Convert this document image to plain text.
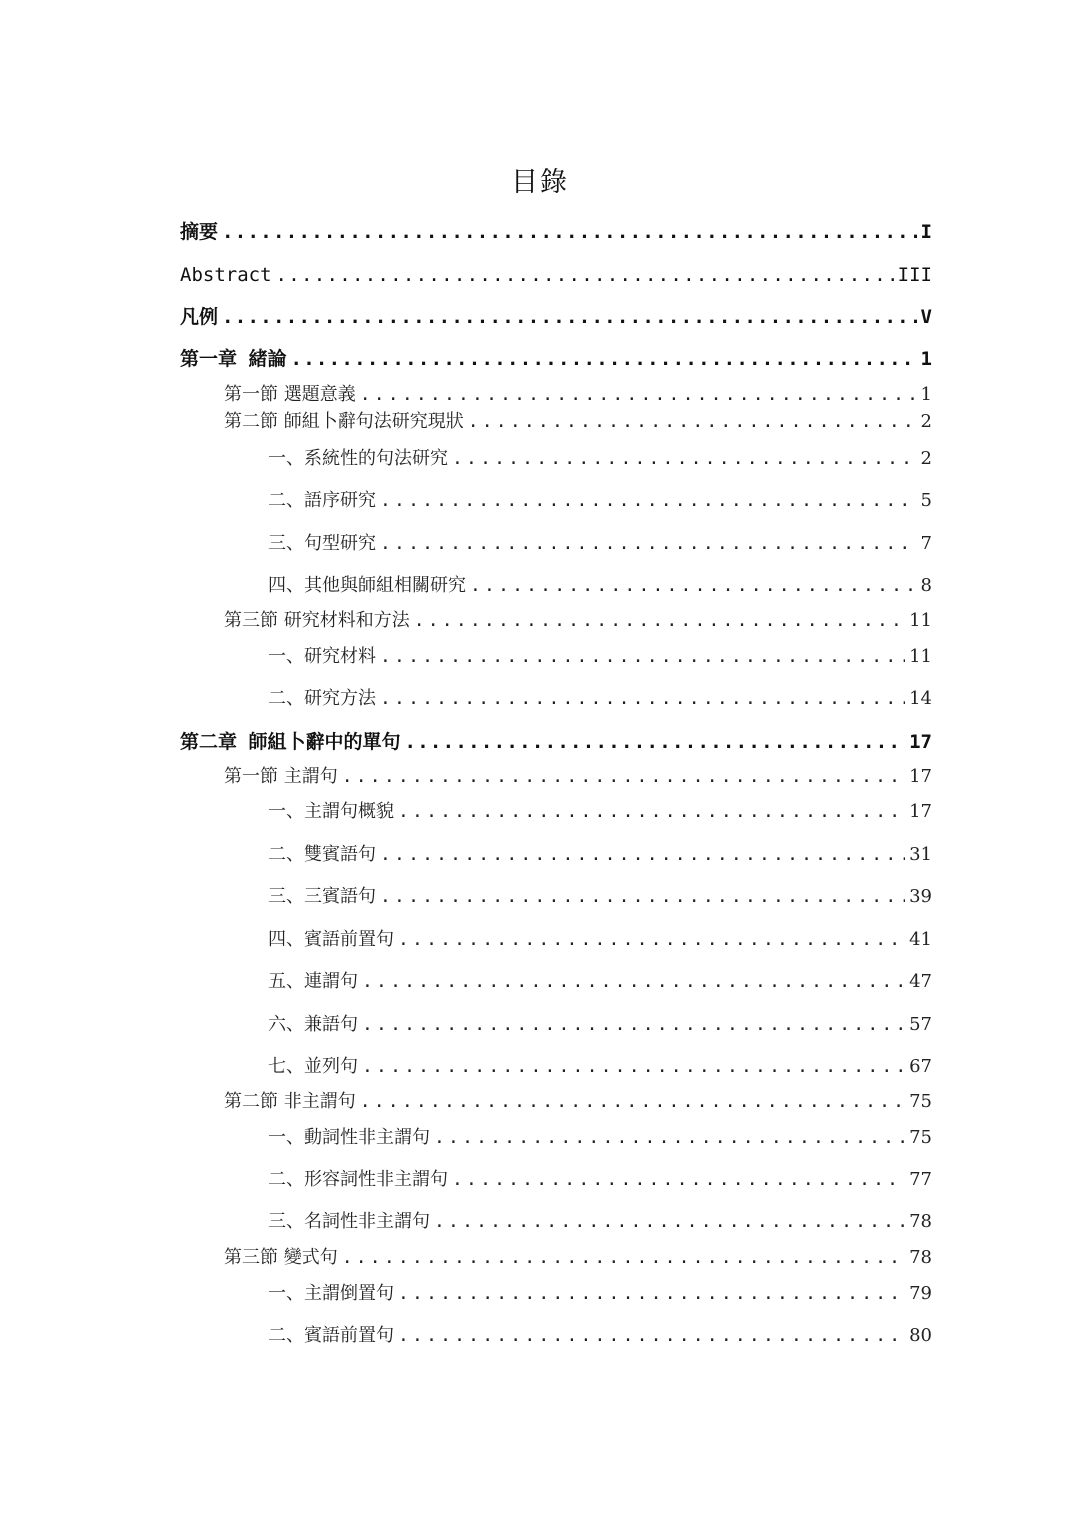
目錄
摘要 .....	I
Abstract .....	III
凡例 .....	V
第一章 緒論 .....	1
第一節 選題意義 .....	1
第二節 師組卜辭句法研究現狀 .....	2
一、系統性的句法研究 .....	2
二、語序研究 .....	5
三、句型研究 .....	7
四、其他與師組相關研究 .....	8
第三節 研究材料和方法 .....	11
一、研究材料 .....	11
二、研究方法 .....	14
第二章 師組卜辭中的單句 .....	17
第一節 主謂句 .....	17
一、主謂句概貌 .....	17
二、雙賓語句 .....	31
三、三賓語句 .....	39
四、賓語前置句 .....	41
五、連謂句 .....	47
六、兼語句 .....	57
七、並列句 .....	67
第二節 非主謂句 .....	75
一、動詞性非主謂句 .....	75
二、形容詞性非主謂句 .....	77
三、名詞性非主謂句 .....	78
第三節 變式句 .....	78
一、主謂倒置句 .....	79
二、賓語前置句 .....	80
